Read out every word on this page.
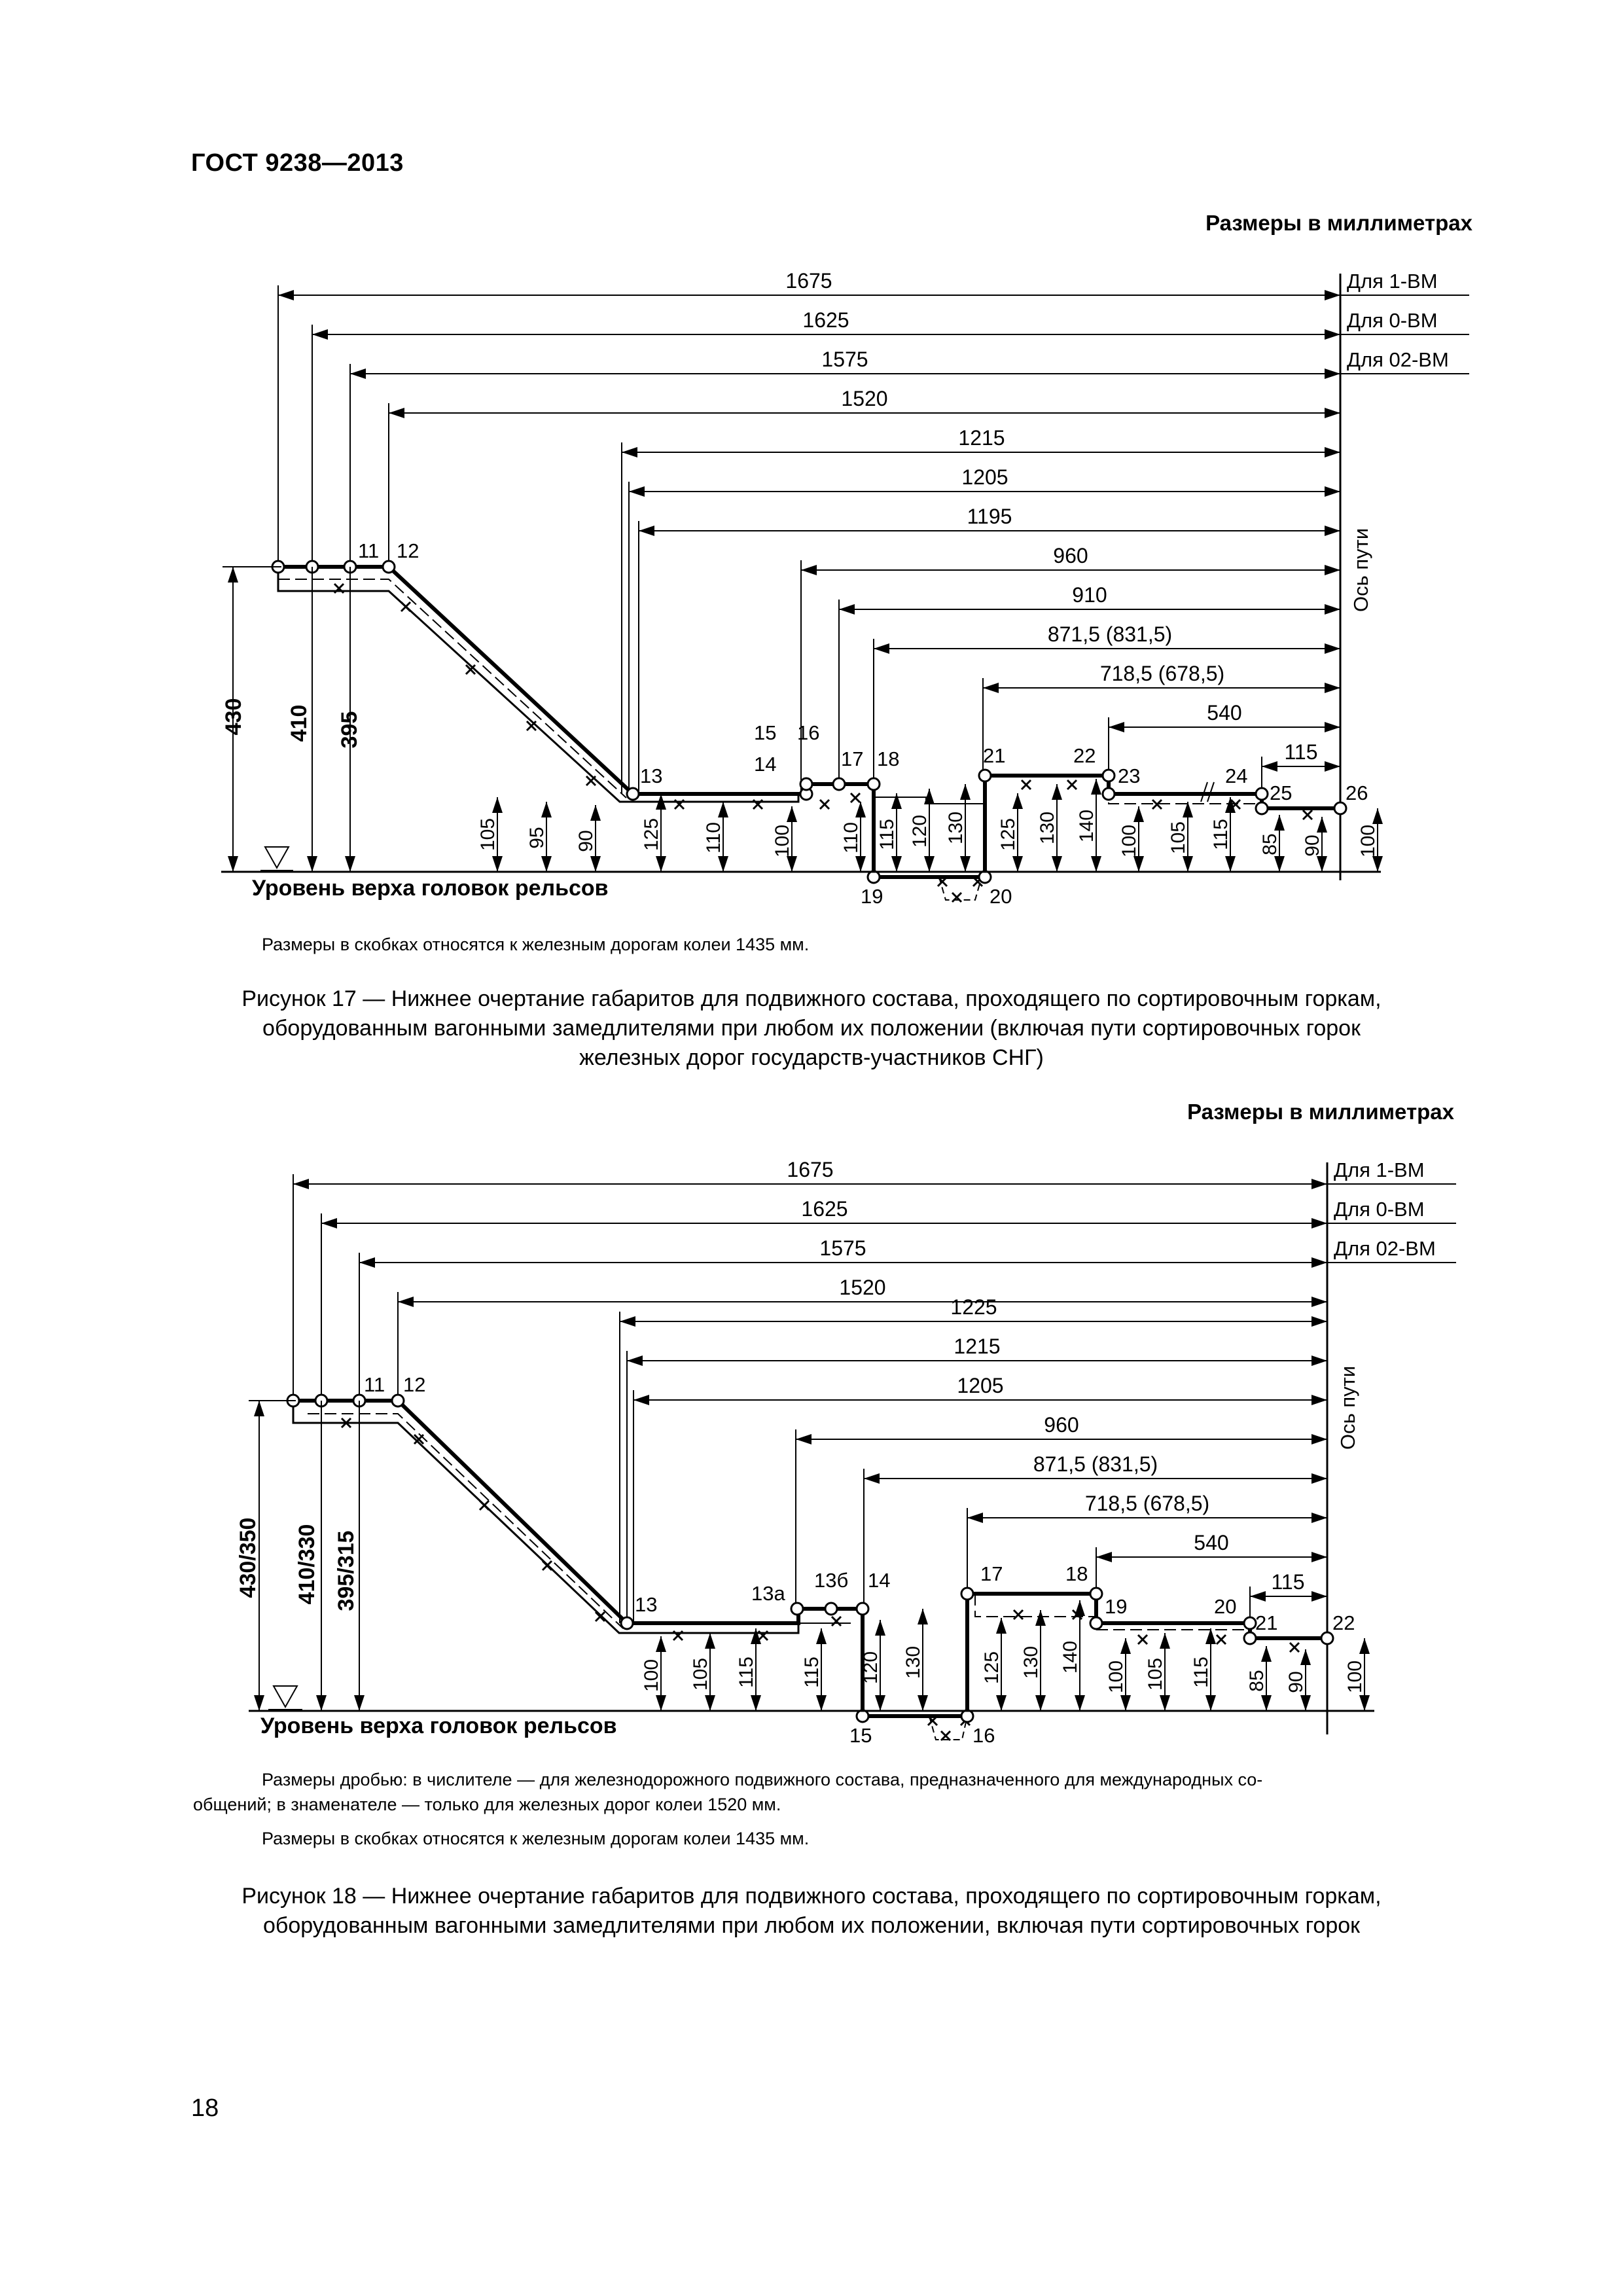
ГОСТ 9238—2013
Размеры в миллиметрах
1675
1625
1575
1520
1215
1205
1195
960
910
871,5 (831,5)
718,5 (678,5)
540
115
Для 1-ВМ
Для 0-ВМ
Для 02-ВМ
Ось пути
11 12
13
14
15 16
17 18
19	20
21	22
23	24
25	26
430 410 395
105 95 90 125 110 100 110 115 120 130 125 130 140 100 105 115 85 90 100
Уровень верха головок рельсов
Размеры в скобках относятся к железным дорогам колеи 1435 мм.
Рисунок 17 — Нижнее очертание габаритов для подвижного состава, проходящего по сортировочным горкам,
оборудованным вагонными замедлителями при любом их положении (включая пути сортировочных горок
железных дорог государств-участников СНГ)
Размеры в миллиметрах
1675
1625
1575
1520
1225
1215
1205
960
871,5 (831,5)
718,5 (678,5)
540
115
Для 1-ВМ
Для 0-ВМ
Для 02-ВМ
Ось пути
11 12
13	13а
13б 14
15	16
17	18
19	20
21	22
430/350 410/330 395/315
100 105 115 115 120 130	125 130 140
100 105 115 85 90 100
Уровень верха головок рельсов
Размеры дробью: в числителе — для железнодорожного подвижного состава, предназначенного для международных со-
общений; в знаменателе — только для железных дорог колеи 1520 мм.
Размеры в скобках относятся к железным дорогам колеи 1435 мм.
Рисунок 18 — Нижнее очертание габаритов для подвижного состава, проходящего по сортировочным горкам,
оборудованным вагонными замедлителями при любом их положении, включая пути сортировочных горок
18
